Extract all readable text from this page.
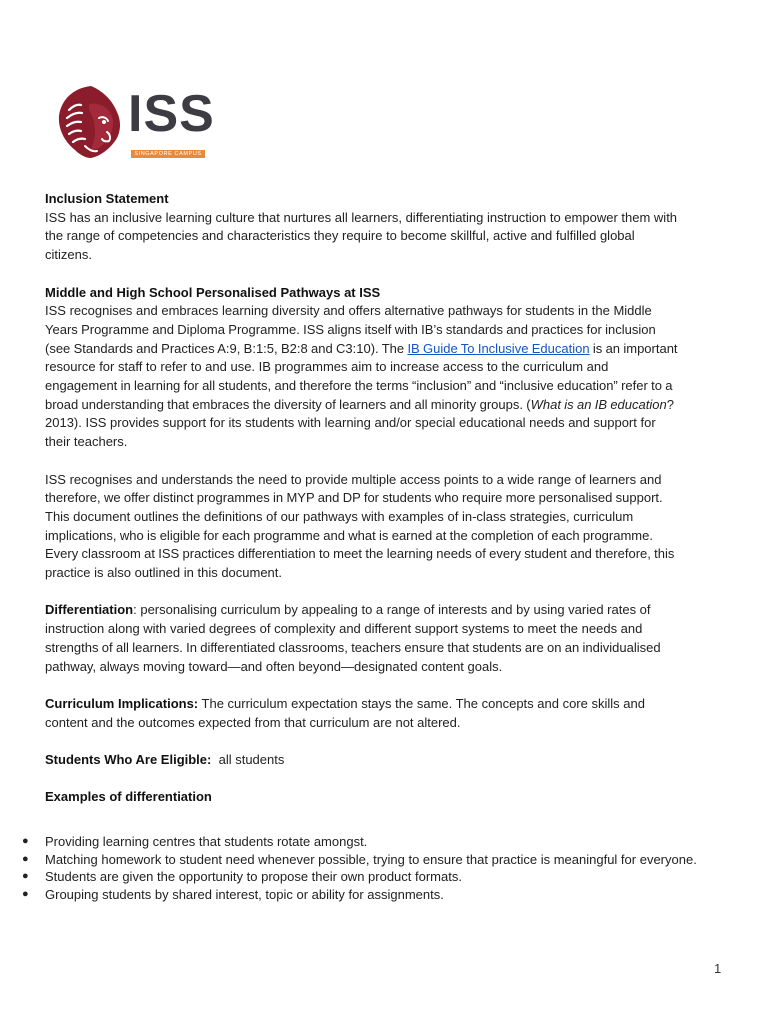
ISS
SINGAPORE CAMPUS
Inclusion Statement

ISS has an inclusive learning culture that nurtures all learners, differentiating instruction to empower them with

the range of competencies and characteristics they require to become skillful, active and fulfilled global

citizens.

Middle and High School Personalised Pathways at ISS

ISS recognises and embraces learning diversity and offers alternative pathways for students in the Middle

Years Programme and Diploma Programme. ISS aligns itself with IB’s standards and practices for inclusion

(see Standards and Practices A:9, B:1:5, B2:8 and C3:10). The IB Guide To Inclusive Education is an important

resource for staff to refer to and use. IB programmes aim to increase access to the curriculum and

engagement in learning for all students, and therefore the terms “inclusion” and “inclusive education” refer to a

broad understanding that embraces the diversity of learners and all minority groups. (What is an IB education?

2013). ISS provides support for its students with learning and/or special educational needs and support for

their teachers.

ISS recognises and understands the need to provide multiple access points to a wide range of learners and

therefore, we offer distinct programmes in MYP and DP for students who require more personalised support.

This document outlines the definitions of our pathways with examples of in-class strategies, curriculum

implications, who is eligible for each programme and what is earned at the completion of each programme.

Every classroom at ISS practices differentiation to meet the learning needs of every student and therefore, this

practice is also outlined in this document.

Differentiation: personalising curriculum by appealing to a range of interests and by using varied rates of

instruction along with varied degrees of complexity and different support systems to meet the needs and

strengths of all learners. In differentiated classrooms, teachers ensure that students are on an individualised

pathway, always moving toward—and often beyond—designated content goals.

Curriculum Implications: The curriculum expectation stays the same. The concepts and core skills and

content and the outcomes expected from that curriculum are not altered.

Students Who Are Eligible:  all students

Examples of differentiation
● Providing learning centres that students rotate amongst.
● Matching homework to student need whenever possible, trying to ensure that practice is meaningful for everyone.
● Students are given the opportunity to propose their own product formats.
● Grouping students by shared interest, topic or ability for assignments.
1
